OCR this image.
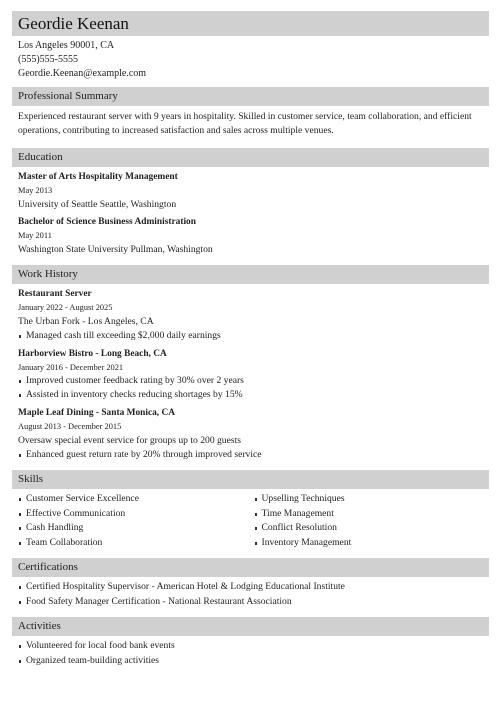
Geordie Keenan
Los Angeles 90001, CA
(555)555-5555
Geordie.Keenan@example.com
Professional Summary
Experienced restaurant server with 9 years in hospitality. Skilled in customer service, team collaboration, and efficient operations, contributing to increased satisfaction and sales across multiple venues.
Education
Master of Arts Hospitality Management
May 2013
University of Seattle Seattle, Washington
Bachelor of Science Business Administration
May 2011
Washington State University Pullman, Washington
Work History
Restaurant Server
January 2022 - August 2025
The Urban Fork - Los Angeles, CA
Managed cash till exceeding $2,000 daily earnings
Harborview Bistro - Long Beach, CA
January 2016 - December 2021
Improved customer feedback rating by 30% over 2 years
Assisted in inventory checks reducing shortages by 15%
Maple Leaf Dining - Santa Monica, CA
August 2013 - December 2015
Oversaw special event service for groups up to 200 guests
Enhanced guest return rate by 20% through improved service
Skills
Customer Service Excellence
Effective Communication
Cash Handling
Team Collaboration
Upselling Techniques
Time Management
Conflict Resolution
Inventory Management
Certifications
Certified Hospitality Supervisor - American Hotel & Lodging Educational Institute
Food Safety Manager Certification - National Restaurant Association
Activities
Volunteered for local food bank events
Organized team-building activities
